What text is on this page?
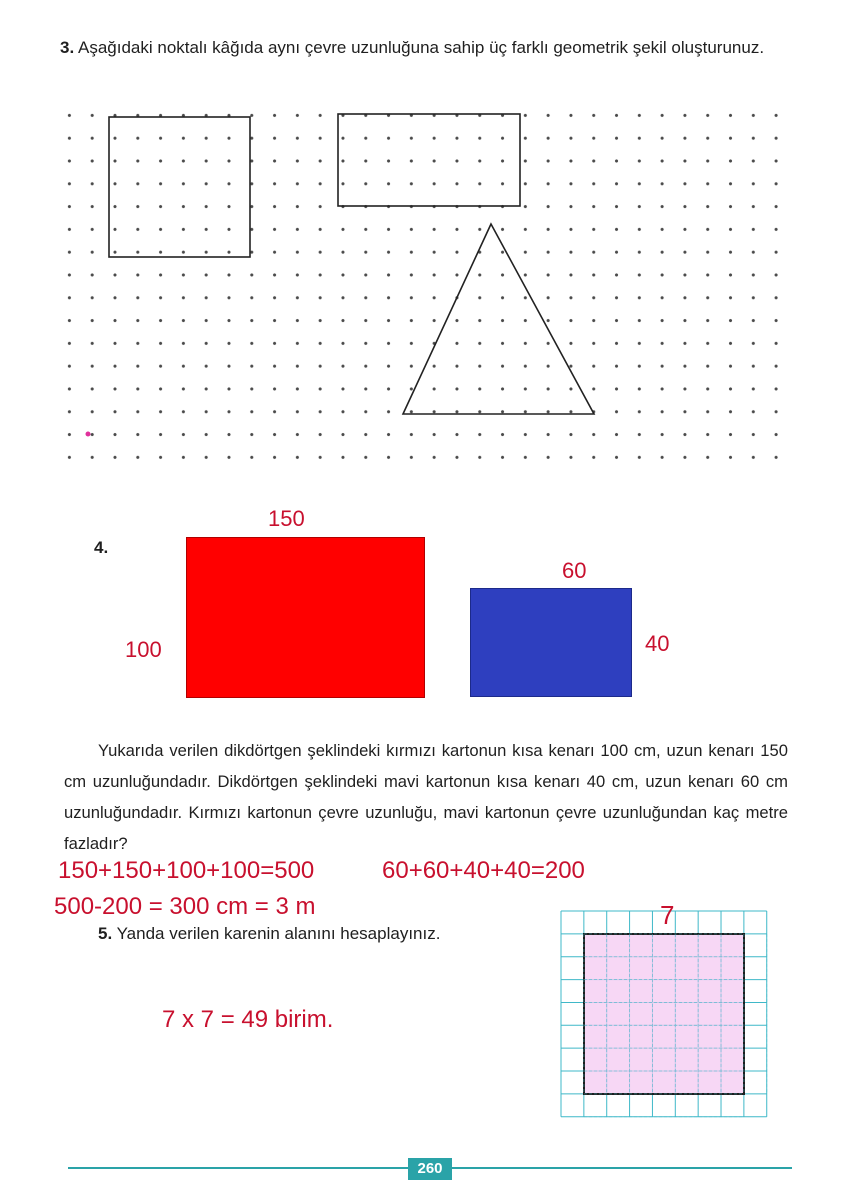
3. Aşağıdaki noktalı kâğıda aynı çevre uzunluğuna sahip üç farklı geometrik şekil oluşturunuz.
4.
150
100
60
40
Yukarıda verilen dikdörtgen şeklindeki kırmızı kartonun kısa kenarı 100 cm, uzun kenarı 150 cm uzunluğundadır. Dikdörtgen şeklindeki mavi kartonun kısa kenarı 40 cm, uzun kenarı 60 cm uzunluğundadır. Kırmızı kartonun çevre uzunluğu, mavi kartonun çevre uzunluğundan kaç metre fazladır?
150+150+100+100=500	60+60+40+40=200
500-200 = 300 cm = 3 m
5. Yanda verilen karenin alanını hesaplayınız.
7 x 7 = 49 birim.
7
260
